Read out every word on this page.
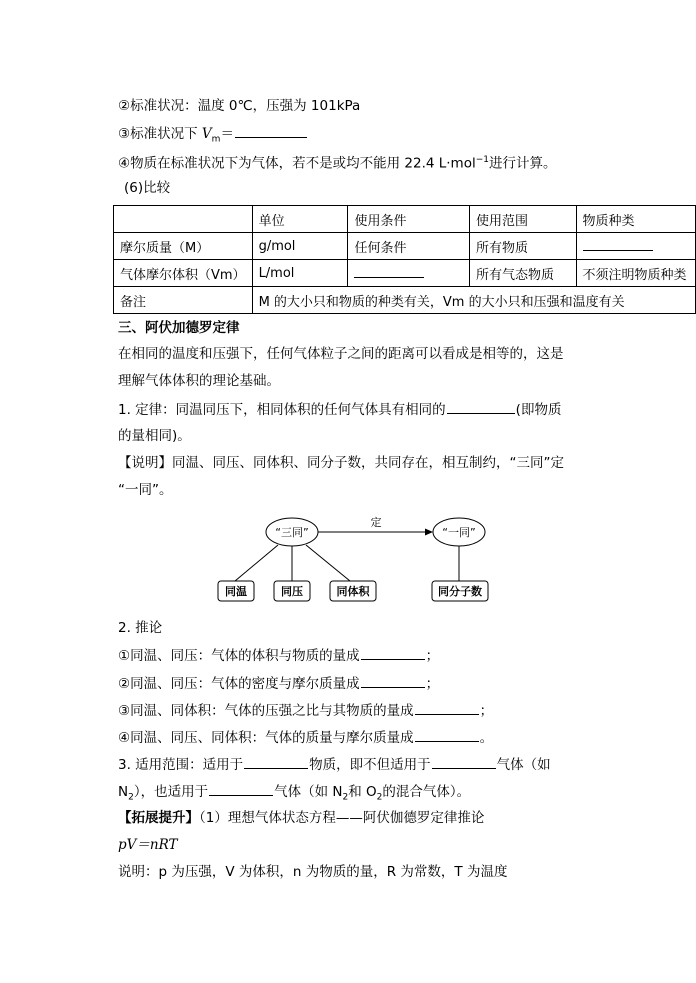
②标准状况：温度 0℃，压强为 101kPa
③标准状况下 $V_m=$
④物质在标准状况下为气体，若不是或均不能用 22.4 L·mol$^{-1}$进行计算。
(6)比较
	单位	使用条件	使用范围	物质种类
摩尔质量（M）	g/mol	任何条件	所有物质	
气体摩尔体积（Vm）	L/mol		所有气态物质	不须注明物质种类
备注	M 的大小只和物质的种类有关，Vm 的大小只和压强和温度有关			
三、阿伏加德罗定律
在相同的温度和压强下，任何气体粒子之间的距离可以看成是相等的，这是
理解气体体积的理论基础。
1. 定律：同温同压下，相同体积的任何气体具有相同的	(即物质
的量相同)。
【说明】同温、同压、同体积、同分子数，共同存在，相互制约，“三同”定
“一同”。
“三同”	“一同”
定
同温	同压	同体积	同分子数
2. 推论
①同温、同压：气体的体积与物质的量成	；
②同温、同压：气体的密度与摩尔质量成	；
③同温、同体积：气体的压强之比与其物质的量成	；
④同温、同压、同体积：气体的质量与摩尔质量成	。
3. 适用范围：适用于	物质，即不但适用于	气体（如
$N_2$），也适用于	气体（如 $N_2$和 $O_2$的混合气体）。
【拓展提升】（1）理想气体状态方程——阿伏伽德罗定律推论
pV＝nRT
说明：p 为压强，V 为体积，n 为物质的量，R 为常数，T 为温度
